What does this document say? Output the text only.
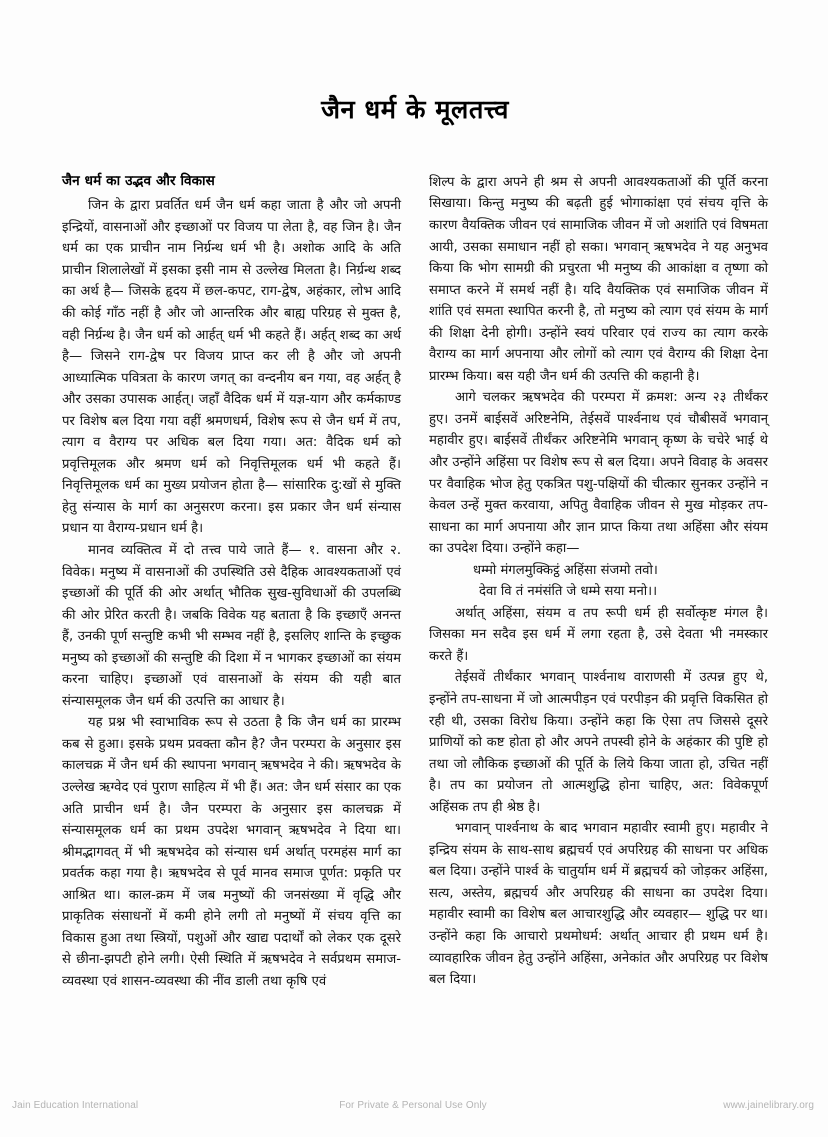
जैन धर्म के मूलतत्त्व
जैन धर्म का उद्भव और विकास

जिन के द्वारा प्रवर्तित धर्म जैन धर्म कहा जाता है और जो अपनी इन्द्रियों, वासनाओं और इच्छाओं पर विजय पा लेता है, वह जिन है। जैन धर्म का एक प्राचीन नाम निर्ग्रन्थ धर्म भी है। अशोक आदि के अति प्राचीन शिलालेखों में इसका इसी नाम से उल्लेख मिलता है। निर्ग्रन्थ शब्द का अर्थ है— जिसके हृदय में छल-कपट, राग-द्वेष, अहंकार, लोभ आदि की कोई गाँठ नहीं है और जो आन्तरिक और बाह्य परिग्रह से मुक्त है, वही निर्ग्रन्थ है। जैन धर्म को आर्हत् धर्म भी कहते हैं। अर्हत् शब्द का अर्थ है— जिसने राग-द्वेष पर विजय प्राप्त कर ली है और जो अपनी आध्यात्मिक पवित्रता के कारण जगत् का वन्दनीय बन गया, वह अर्हत् है और उसका उपासक आर्हत्। जहाँ वैदिक धर्म में यज्ञ-याग और कर्मकाण्ड पर विशेष बल दिया गया वहीं श्रमणधर्म, विशेष रूप से जैन धर्म में तप, त्याग व वैराग्य पर अधिक बल दिया गया। अत: वैदिक धर्म को प्रवृत्तिमूलक और श्रमण धर्म को निवृत्तिमूलक धर्म भी कहते हैं। निवृत्तिमूलक धर्म का मुख्य प्रयोजन होता है— सांसारिक दु:खों से मुक्ति हेतु संन्यास के मार्ग का अनुसरण करना। इस प्रकार जैन धर्म संन्यास प्रधान या वैराग्य-प्रधान धर्म है।

मानव व्यक्तित्व में दो तत्त्व पाये जाते हैं— १. वासना और २. विवेक। मनुष्य में वासनाओं की उपस्थिति उसे दैहिक आवश्यकताओं एवं इच्छाओं की पूर्ति की ओर अर्थात् भौतिक सुख-सुविधाओं की उपलब्धि की ओर प्रेरित करती है। जबकि विवेक यह बताता है कि इच्छाएँ अनन्त हैं, उनकी पूर्ण सन्तुष्टि कभी भी सम्भव नहीं है, इसलिए शान्ति के इच्छुक मनुष्य को इच्छाओं की सन्तुष्टि की दिशा में न भागकर इच्छाओं का संयम करना चाहिए। इच्छाओं एवं वासनाओं के संयम की यही बात संन्यासमूलक जैन धर्म की उत्पत्ति का आधार है।

यह प्रश्न भी स्वाभाविक रूप से उठता है कि जैन धर्म का प्रारम्भ कब से हुआ। इसके प्रथम प्रवक्ता कौन है? जैन परम्परा के अनुसार इस कालचक्र में जैन धर्म की स्थापना भगवान् ऋषभदेव ने की। ऋषभदेव के उल्लेख ऋग्वेद एवं पुराण साहित्य में भी हैं। अत: जैन धर्म संसार का एक अति प्राचीन धर्म है। जैन परम्परा के अनुसार इस कालचक्र में संन्यासमूलक धर्म का प्रथम उपदेश भगवान् ऋषभदेव ने दिया था। श्रीमद्भागवत् में भी ऋषभदेव को संन्यास धर्म अर्थात् परमहंस मार्ग का प्रवर्तक कहा गया है। ऋषभदेव से पूर्व मानव समाज पूर्णत: प्रकृति पर आश्रित था। काल-क्रम में जब मनुष्यों की जनसंख्या में वृद्धि और प्राकृतिक संसाधनों में कमी होने लगी तो मनुष्यों में संचय वृत्ति का विकास हुआ तथा स्त्रियों, पशुओं और खाद्य पदार्थों को लेकर एक दूसरे से छीना-झपटी होने लगी। ऐसी स्थिति में ऋषभदेव ने सर्वप्रथम समाज-व्यवस्था एवं शासन-व्यवस्था की नींव डाली तथा कृषि एवं

शिल्प के द्वारा अपने ही श्रम से अपनी आवश्यकताओं की पूर्ति करना सिखाया। किन्तु मनुष्य की बढ़ती हुई भोगाकांक्षा एवं संचय वृत्ति के कारण वैयक्तिक जीवन एवं सामाजिक जीवन में जो अशांति एवं विषमता आयी, उसका समाधान नहीं हो सका। भगवान् ऋषभदेव ने यह अनुभव किया कि भोग सामग्री की प्रचुरता भी मनुष्य की आकांक्षा व तृष्णा को समाप्त करने में समर्थ नहीं है। यदि वैयक्तिक एवं समाजिक जीवन में शांति एवं समता स्थापित करनी है, तो मनुष्य को त्याग एवं संयम के मार्ग की शिक्षा देनी होगी। उन्होंने स्वयं परिवार एवं राज्य का त्याग करके वैराग्य का मार्ग अपनाया और लोगों को त्याग एवं वैराग्य की शिक्षा देना प्रारम्भ किया। बस यही जैन धर्म की उत्पत्ति की कहानी है।

आगे चलकर ऋषभदेव की परम्परा में क्रमश: अन्य २३ तीर्थंकर हुए। उनमें बाईसवें अरिष्टनेमि, तेईसवें पार्श्वनाथ एवं चौबीसवें भगवान् महावीर हुए। बाईसवें तीर्थंकर अरिष्टनेमि भगवान् कृष्ण के चचेरे भाई थे और उन्होंने अहिंसा पर विशेष रूप से बल दिया। अपने विवाह के अवसर पर वैवाहिक भोज हेतु एकत्रित पशु-पक्षियों की चीत्कार सुनकर उन्होंने न केवल उन्हें मुक्त करवाया, अपितु वैवाहिक जीवन से मुख मोड़कर तप-साधना का मार्ग अपनाया और ज्ञान प्राप्त किया तथा अहिंसा और संयम का उपदेश दिया। उन्होंने कहा—

धम्मो मंगलमुक्किट्ठं अहिंसा संजमो तवो।

देवा वि तं नमंसंति जे धम्मे सया मनो।।

अर्थात् अहिंसा, संयम व तप रूपी धर्म ही सर्वोत्कृष्ट मंगल है। जिसका मन सदैव इस धर्म में लगा रहता है, उसे देवता भी नमस्कार करते हैं।

तेईसवें तीर्थंकार भगवान् पार्श्वनाथ वाराणसी में उत्पन्न हुए थे, इन्होंने तप-साधना में जो आत्मपीड़न एवं परपीड़न की प्रवृत्ति विकसित हो रही थी, उसका विरोध किया। उन्होंने कहा कि ऐसा तप जिससे दूसरे प्राणियों को कष्ट होता हो और अपने तपस्वी होने के अहंकार की पुष्टि हो तथा जो लौकिक इच्छाओं की पूर्ति के लिये किया जाता हो, उचित नहीं है। तप का प्रयोजन तो आत्मशुद्धि होना चाहिए, अत: विवेकपूर्ण अहिंसक तप ही श्रेष्ठ है।

भगवान् पार्श्वनाथ के बाद भगवान महावीर स्वामी हुए। महावीर ने इन्द्रिय संयम के साथ-साथ ब्रह्मचर्य एवं अपरिग्रह की साधना पर अधिक बल दिया। उन्होंने पार्श्व के चातुर्याम धर्म में ब्रह्मचर्य को जोड़कर अहिंसा, सत्य, अस्तेय, ब्रह्मचर्य और अपरिग्रह की साधना का उपदेश दिया। महावीर स्वामी का विशेष बल आचारशुद्धि और व्यवहार— शुद्धि पर था। उन्होंने कहा कि आचारो प्रथमोधर्म: अर्थात् आचार ही प्रथम धर्म है। व्यावहारिक जीवन हेतु उन्होंने अहिंसा, अनेकांत और अपरिग्रह पर विशेष बल दिया।

Jain Education International	For Private & Personal Use Only	www.jainelibrary.org
